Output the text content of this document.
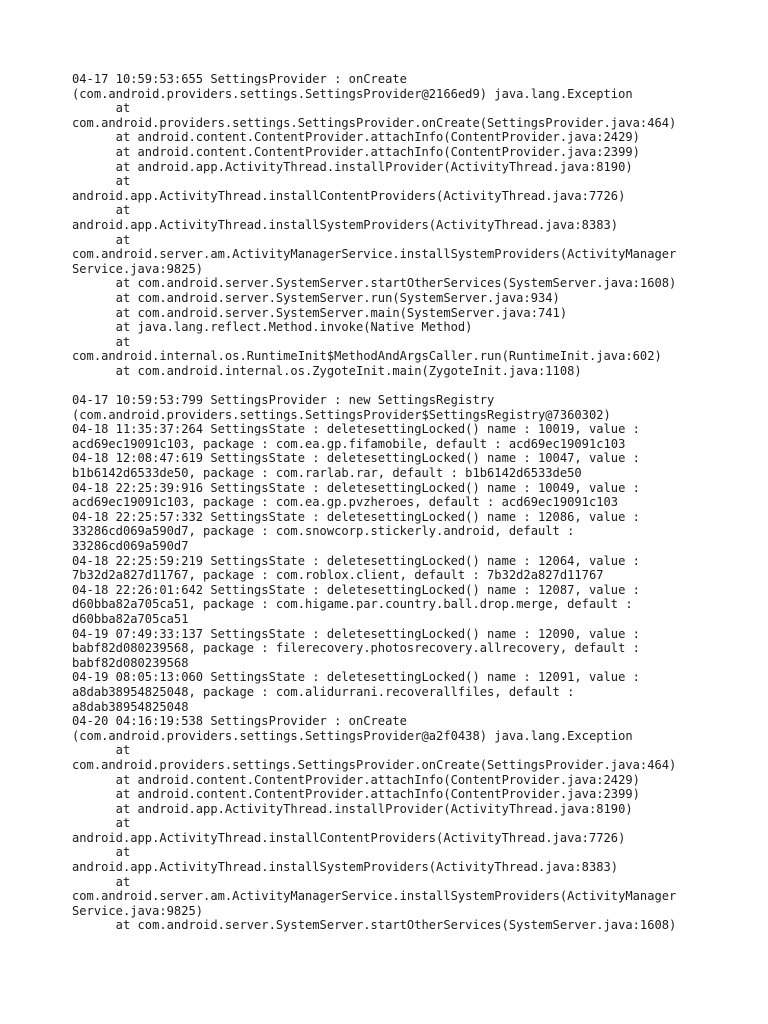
04-17 10:59:53:655 SettingsProvider : onCreate
(com.android.providers.settings.SettingsProvider@2166ed9) java.lang.Exception
at
com.android.providers.settings.SettingsProvider.onCreate(SettingsProvider.java:464)
at android.content.ContentProvider.attachInfo(ContentProvider.java:2429)
at android.content.ContentProvider.attachInfo(ContentProvider.java:2399)
at android.app.ActivityThread.installProvider(ActivityThread.java:8190)
at
android.app.ActivityThread.installContentProviders(ActivityThread.java:7726)
at
android.app.ActivityThread.installSystemProviders(ActivityThread.java:8383)
at
com.android.server.am.ActivityManagerService.installSystemProviders(ActivityManager
Service.java:9825)
at com.android.server.SystemServer.startOtherServices(SystemServer.java:1608)
at com.android.server.SystemServer.run(SystemServer.java:934)
at com.android.server.SystemServer.main(SystemServer.java:741)
at java.lang.reflect.Method.invoke(Native Method)
at
com.android.internal.os.RuntimeInit$MethodAndArgsCaller.run(RuntimeInit.java:602)
at com.android.internal.os.ZygoteInit.main(ZygoteInit.java:1108)
04-17 10:59:53:799 SettingsProvider : new SettingsRegistry
(com.android.providers.settings.SettingsProvider$SettingsRegistry@7360302)
04-18 11:35:37:264 SettingsState : deletesettingLocked() name : 10019, value :
acd69ec19091c103, package : com.ea.gp.fifamobile, default : acd69ec19091c103
04-18 12:08:47:619 SettingsState : deletesettingLocked() name : 10047, value :
b1b6142d6533de50, package : com.rarlab.rar, default : b1b6142d6533de50
04-18 22:25:39:916 SettingsState : deletesettingLocked() name : 10049, value :
acd69ec19091c103, package : com.ea.gp.pvzheroes, default : acd69ec19091c103
04-18 22:25:57:332 SettingsState : deletesettingLocked() name : 12086, value :
33286cd069a590d7, package : com.snowcorp.stickerly.android, default :
33286cd069a590d7
04-18 22:25:59:219 SettingsState : deletesettingLocked() name : 12064, value :
7b32d2a827d11767, package : com.roblox.client, default : 7b32d2a827d11767
04-18 22:26:01:642 SettingsState : deletesettingLocked() name : 12087, value :
d60bba82a705ca51, package : com.higame.par.country.ball.drop.merge, default :
d60bba82a705ca51
04-19 07:49:33:137 SettingsState : deletesettingLocked() name : 12090, value :
babf82d080239568, package : filerecovery.photosrecovery.allrecovery, default :
babf82d080239568
04-19 08:05:13:060 SettingsState : deletesettingLocked() name : 12091, value :
a8dab38954825048, package : com.alidurrani.recoverallfiles, default :
a8dab38954825048
04-20 04:16:19:538 SettingsProvider : onCreate
(com.android.providers.settings.SettingsProvider@a2f0438) java.lang.Exception
at
com.android.providers.settings.SettingsProvider.onCreate(SettingsProvider.java:464)
at android.content.ContentProvider.attachInfo(ContentProvider.java:2429)
at android.content.ContentProvider.attachInfo(ContentProvider.java:2399)
at android.app.ActivityThread.installProvider(ActivityThread.java:8190)
at
android.app.ActivityThread.installContentProviders(ActivityThread.java:7726)
at
android.app.ActivityThread.installSystemProviders(ActivityThread.java:8383)
at
com.android.server.am.ActivityManagerService.installSystemProviders(ActivityManager
Service.java:9825)
at com.android.server.SystemServer.startOtherServices(SystemServer.java:1608)
